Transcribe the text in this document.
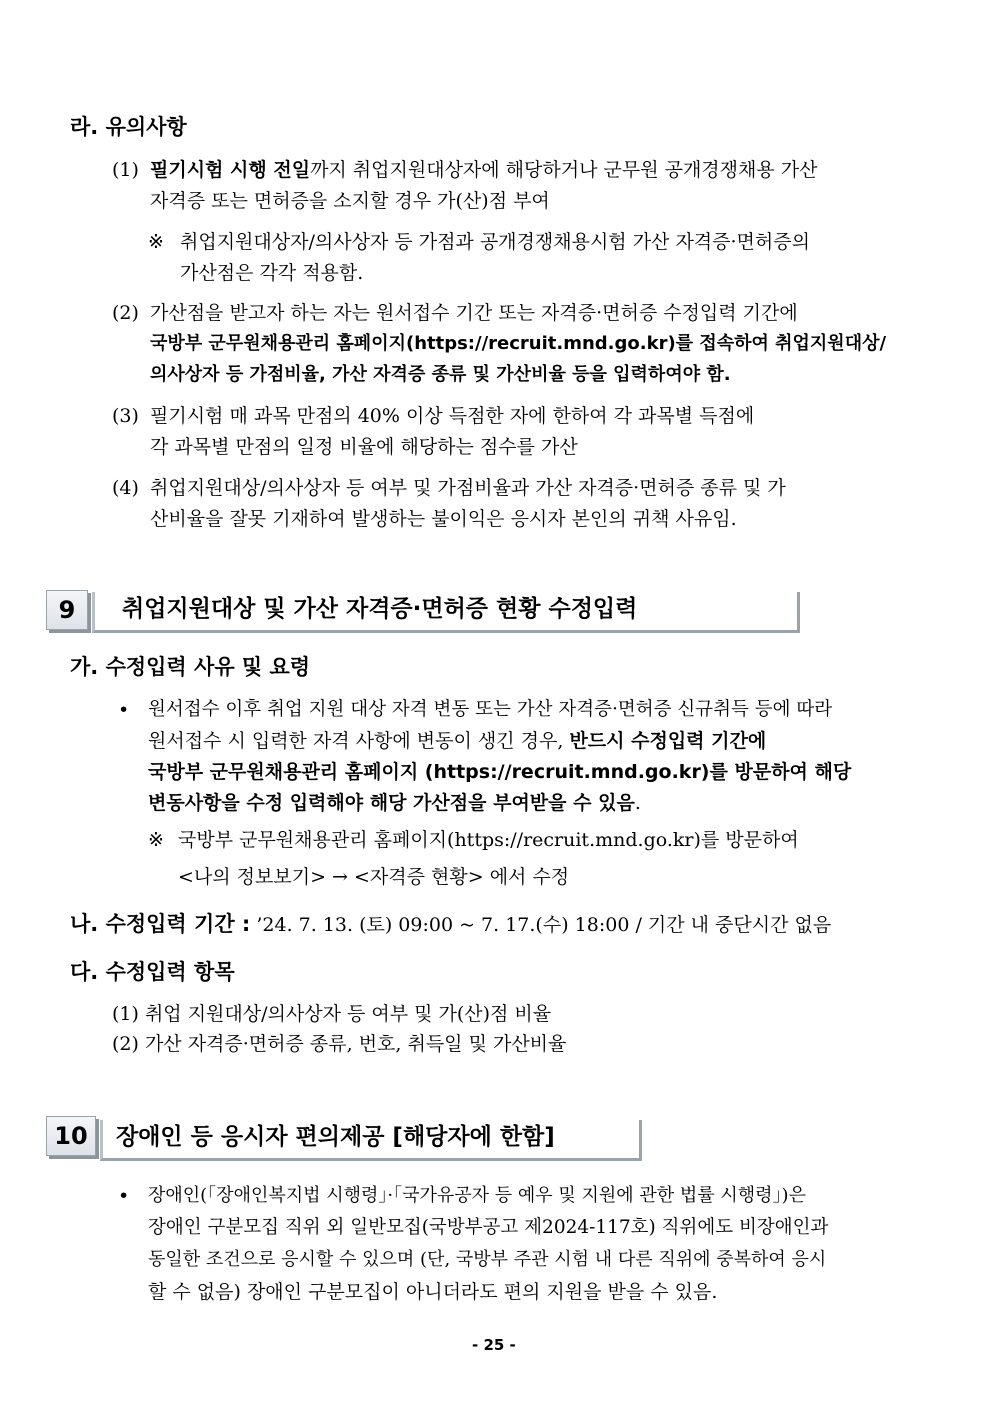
라. 유의사항
(1) 필기시험 시행 전일까지 취업지원대상자에 해당하거나 군무원 공개경쟁채용 가산
자격증 또는 면허증을 소지할 경우 가(산)점 부여
※ 취업지원대상자/의사상자 등 가점과 공개경쟁채용시험 가산 자격증·면허증의
가산점은 각각 적용함.
(2) 가산점을 받고자 하는 자는 원서접수 기간 또는 자격증·면허증 수정입력 기간에
국방부 군무원채용관리 홈페이지(https://recruit.mnd.go.kr)를 접속하여 취업지원대상/
의사상자 등 가점비율, 가산 자격증 종류 및 가산비율 등을 입력하여야 함.
(3) 필기시험 매 과목 만점의 40% 이상 득점한 자에 한하여 각 과목별 득점에
각 과목별 만점의 일정 비율에 해당하는 점수를 가산
(4) 취업지원대상/의사상자 등 여부 및 가점비율과 가산 자격증·면허증 종류 및 가
산비율을 잘못 기재하여 발생하는 불이익은 응시자 본인의 귀책 사유임.
9	취업지원대상 및 가산 자격증·면허증 현황 수정입력
가. 수정입력 사유 및 요령
• 원서접수 이후 취업 지원 대상 자격 변동 또는 가산 자격증·면허증 신규취득 등에 따라
원서접수 시 입력한 자격 사항에 변동이 생긴 경우, 반드시 수정입력 기간에
국방부 군무원채용관리 홈페이지 (https://recruit.mnd.go.kr)를 방문하여 해당
변동사항을 수정 입력해야 해당 가산점을 부여받을 수 있음.
※ 국방부 군무원채용관리 홈페이지(https://recruit.mnd.go.kr)를 방문하여
<나의 정보보기> → <자격증 현황> 에서 수정
나. 수정입력 기간 : ’24. 7. 13. (토) 09:00 ~ 7. 17.(수) 18:00 / 기간 내 중단시간 없음
다. 수정입력 항목
(1) 취업 지원대상/의사상자 등 여부 및 가(산)점 비율
(2) 가산 자격증·면허증 종류, 번호, 취득일 및 가산비율
10	장애인 등 응시자 편의제공 [해당자에 한함]
• 장애인(「장애인복지법 시행령」·「국가유공자 등 예우 및 지원에 관한 법률 시행령」)은
장애인 구분모집 직위 외 일반모집(국방부공고 제2024-117호) 직위에도 비장애인과
동일한 조건으로 응시할 수 있으며 (단, 국방부 주관 시험 내 다른 직위에 중복하여 응시
할 수 없음) 장애인 구분모집이 아니더라도 편의 지원을 받을 수 있음.
- 25 -
